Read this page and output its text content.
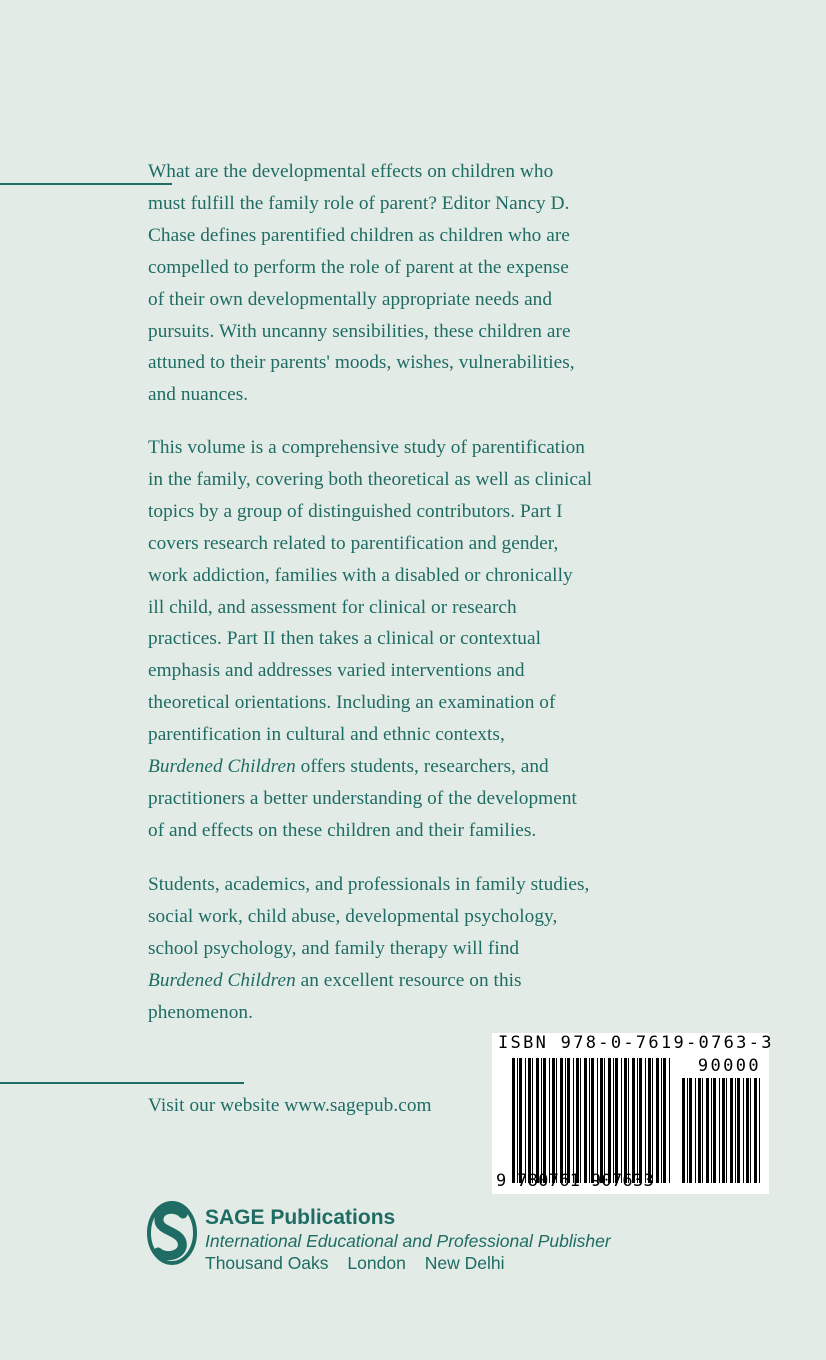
What are the developmental effects on children who
must fulfill the family role of parent? Editor Nancy D.
Chase defines parentified children as children who are
compelled to perform the role of parent at the expense
of their own developmentally appropriate needs and
pursuits. With uncanny sensibilities, these children are
attuned to their parents' moods, wishes, vulnerabilities,
and nuances.

This volume is a comprehensive study of parentification
in the family, covering both theoretical as well as clinical
topics by a group of distinguished contributors. Part I
covers research related to parentification and gender,
work addiction, families with a disabled or chronically
ill child, and assessment for clinical or research
practices. Part II then takes a clinical or contextual
emphasis and addresses varied interventions and
theoretical orientations. Including an examination of
parentification in cultural and ethnic contexts,
Burdened Children offers students, researchers, and
practitioners a better understanding of the development
of and effects on these children and their families.

Students, academics, and professionals in family studies,
social work, child abuse, developmental psychology,
school psychology, and family therapy will find
Burdened Children an excellent resource on this
phenomenon.

Visit our website www.sagepub.com
ISBN 978-0-7619-0763-3
90000
9 780761 907633
SAGE Publications
International Educational and Professional Publisher
Thousand Oaks London New Delhi
